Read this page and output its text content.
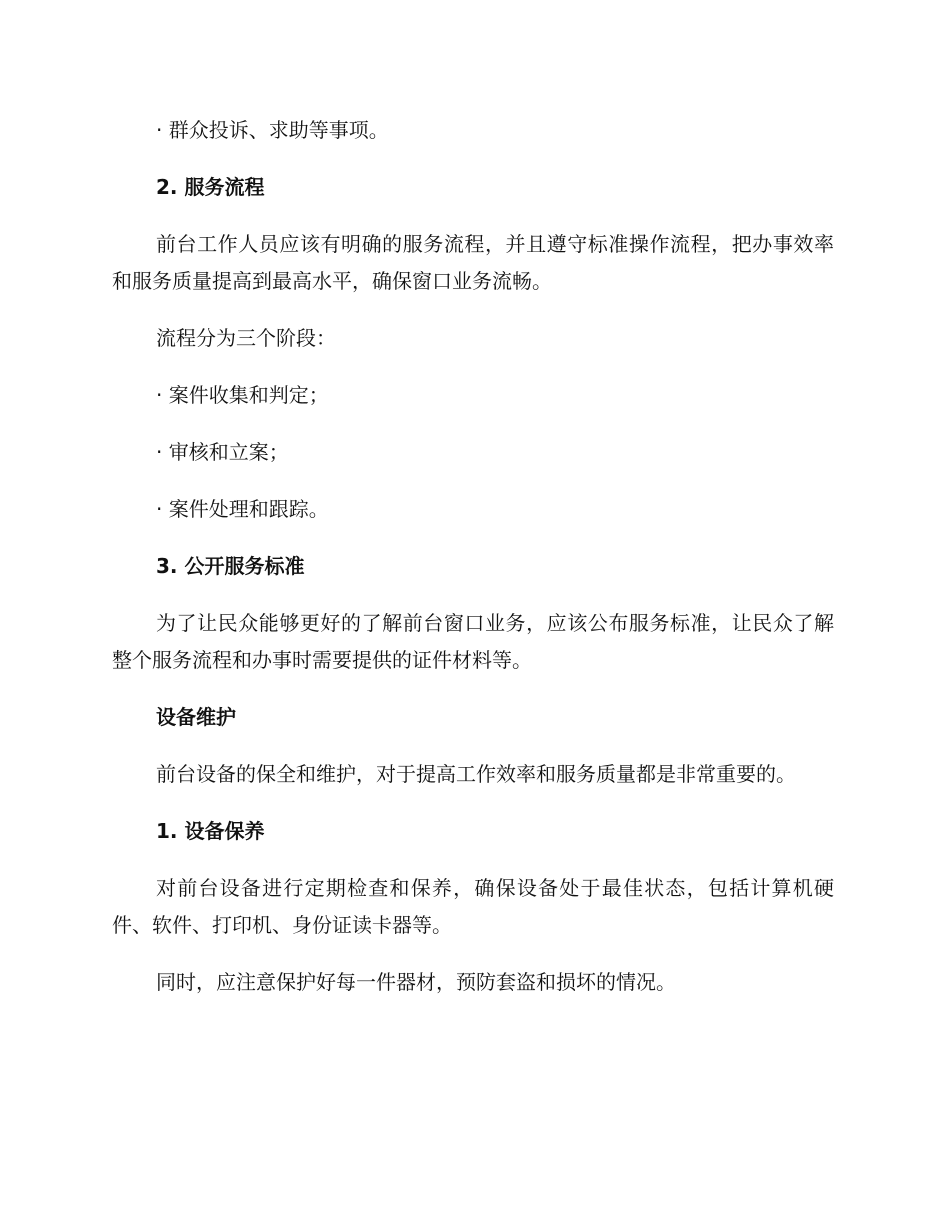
· 群众投诉、求助等事项。

2. 服务流程

前台工作人员应该有明确的服务流程，并且遵守标准操作流程，把办事效率和服务质量提高到最高水平，确保窗口业务流畅。

流程分为三个阶段：

· 案件收集和判定；

· 审核和立案；

· 案件处理和跟踪。

3. 公开服务标准

为了让民众能够更好的了解前台窗口业务，应该公布服务标准，让民众了解整个服务流程和办事时需要提供的证件材料等。

设备维护

前台设备的保全和维护，对于提高工作效率和服务质量都是非常重要的。

1. 设备保养

对前台设备进行定期检查和保养，确保设备处于最佳状态，包括计算机硬件、软件、打印机、身份证读卡器等。

同时，应注意保护好每一件器材，预防套盗和损坏的情况。
